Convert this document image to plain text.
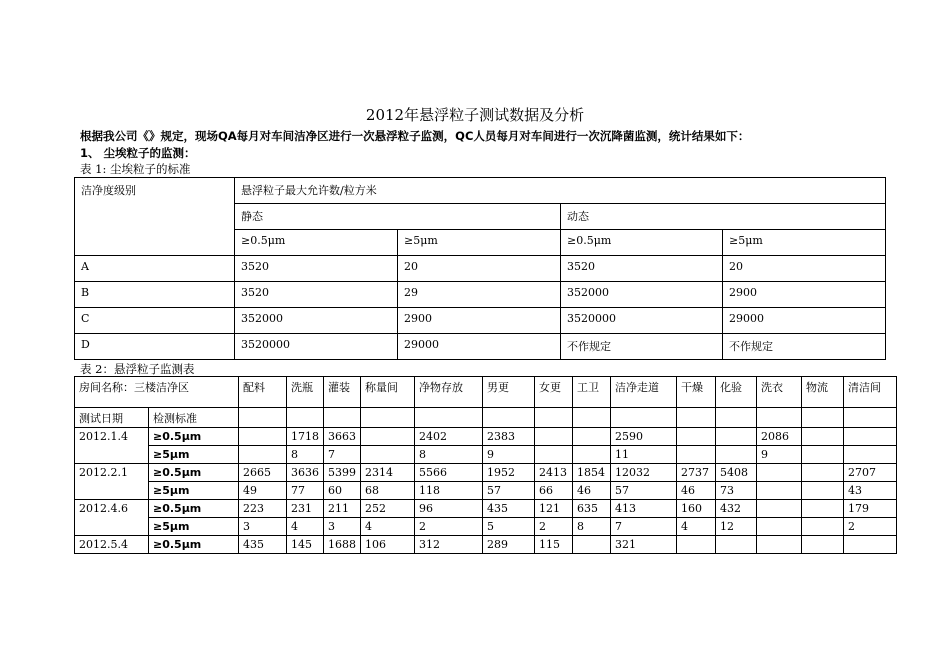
2012年悬浮粒子测试数据及分析
根据我公司《》规定，现场QA每月对车间洁净区进行一次悬浮粒子监测，QC人员每月对车间进行一次沉降菌监测，统计结果如下：
1、 尘埃粒子的监测：
表 1: 尘埃粒子的标准
洁净度级别	悬浮粒子最大允许数/粒方米			
	静态		动态	
	≥0.5μm	≥5μm	≥0.5μm	≥5μm
A	3520	20	3520	20
B	3520	29	352000	2900
C	352000	2900	3520000	29000
D	3520000	29000	不作规定	不作规定
表 2：悬浮粒子监测表
房间名称：三楼洁净区		配料	洗瓶	灌装	称量间	净物存放	男更	女更	工卫	洁净走道	干燥	化验	洗衣	物流	清洁间
测试日期	检测标准														
2012.1.4	≥0.5μm		1718	3663		2402	2383			2590			2086		
	≥5μm		8	7		8	9			11			9		
2012.2.1	≥0.5μm	2665	3636	5399	2314	5566	1952	2413	1854	12032	2737	5408			2707
	≥5μm	49	77	60	68	118	57	66	46	57	46	73			43
2012.4.6	≥0.5μm	223	231	211	252	96	435	121	635	413	160	432			179
	≥5μm	3	4	3	4	2	5	2	8	7	4	12			2
2012.5.4	≥0.5μm	435	145	1688	106	312	289	115		321					
